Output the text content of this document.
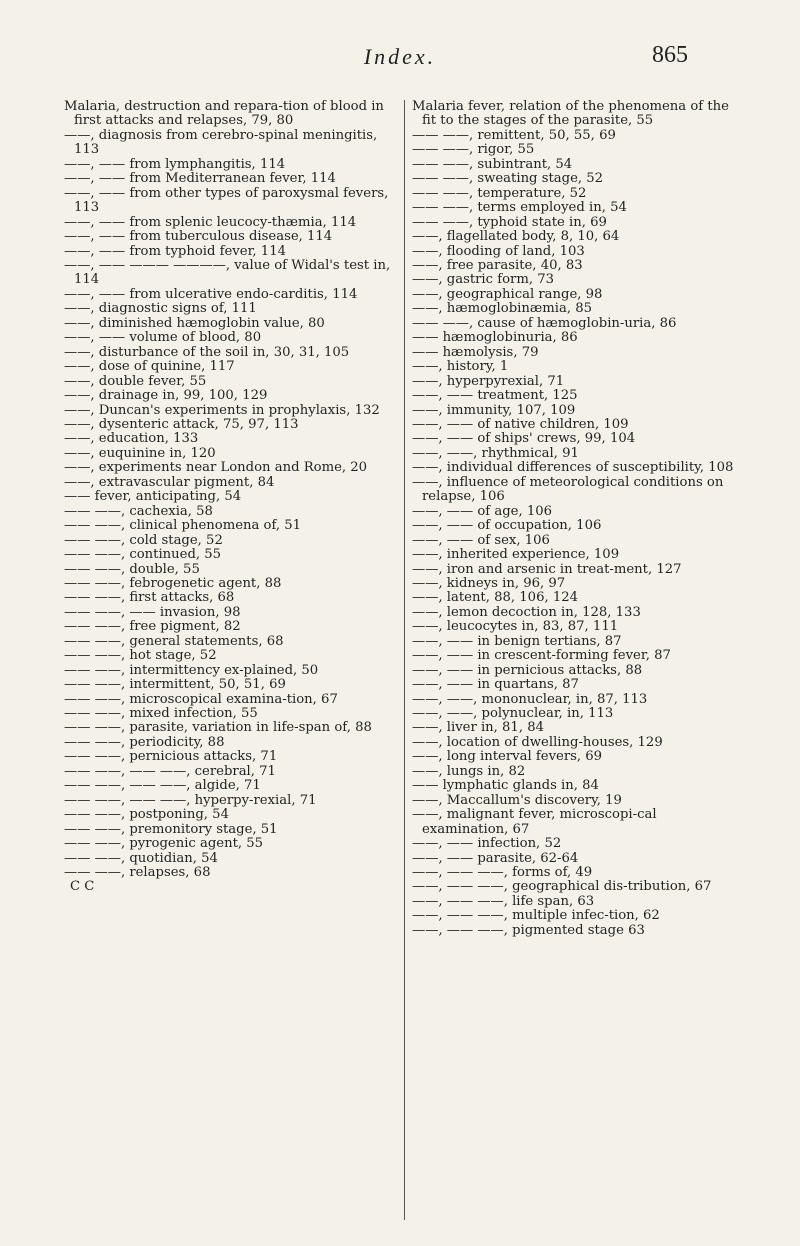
Index.	865

Malaria, destruction and repara-tion of blood in first attacks and relapses, 79, 80

——, diagnosis from cerebro-spinal meningitis, 113

——, —— from lymphangitis, 114

——, —— from Mediterranean fever, 114

——, —— from other types of paroxysmal fevers, 113

——, —— from splenic leucocy-thæmia, 114

——, —— from tuberculous disease, 114

——, —— from typhoid fever, 114

——, —— ——— ————, value of Widal's test in, 114

——, —— from ulcerative endo-carditis, 114

——, diagnostic signs of, 111

——, diminished hæmoglobin value, 80

——, —— volume of blood, 80

——, disturbance of the soil in, 30, 31, 105

——, dose of quinine, 117

——, double fever, 55

——, drainage in, 99, 100, 129

——, Duncan's experiments in prophylaxis, 132

——, dysenteric attack, 75, 97, 113

——, education, 133

——, euquinine in, 120

——, experiments near London and Rome, 20

——, extravascular pigment, 84

—— fever, anticipating, 54

—— ——, cachexia, 58

—— ——, clinical phenomena of, 51

—— ——, cold stage, 52

—— ——, continued, 55

—— ——, double, 55

—— ——, febrogenetic agent, 88

—— ——, first attacks, 68

—— ——, —— invasion, 98

—— ——, free pigment, 82

—— ——, general statements, 68

—— ——, hot stage, 52

—— ——, intermittency ex-plained, 50

—— ——, intermittent, 50, 51, 69

—— ——, microscopical examina-tion, 67

—— ——, mixed infection, 55

—— ——, parasite, variation in life-span of, 88

—— ——, periodicity, 88

—— ——, pernicious attacks, 71

—— ——, —— ——, cerebral, 71

—— ——, —— ——, algide, 71

—— ——, —— ——, hyperpy-rexial, 71

—— ——, postponing, 54

—— ——, premonitory stage, 51

—— ——, pyrogenic agent, 55

—— ——, quotidian, 54

—— ——, relapses, 68

C C

Malaria fever, relation of the phenomena of the fit to the stages of the parasite, 55

—— ——, remittent, 50, 55, 69

—— ——, rigor, 55

—— ——, subintrant, 54

—— ——, sweating stage, 52

—— ——, temperature, 52

—— ——, terms employed in, 54

—— ——, typhoid state in, 69

——, flagellated body, 8, 10, 64

——, flooding of land, 103

——, free parasite, 40, 83

——, gastric form, 73

——, geographical range, 98

——, hæmoglobinæmia, 85

—— ——, cause of hæmoglobin-uria, 86

—— hæmoglobinuria, 86

—— hæmolysis, 79

——, history, 1

——, hyperpyrexial, 71

——, —— treatment, 125

——, immunity, 107, 109

——, —— of native children, 109

——, —— of ships' crews, 99, 104

——, ——, rhythmical, 91

——, individual differences of susceptibility, 108

——, influence of meteorological conditions on relapse, 106

——, —— of age, 106

——, —— of occupation, 106

——, —— of sex, 106

——, inherited experience, 109

——, iron and arsenic in treat-ment, 127

——, kidneys in, 96, 97

——, latent, 88, 106, 124

——, lemon decoction in, 128, 133

——, leucocytes in, 83, 87, 111

——, —— in benign tertians, 87

——, —— in crescent-forming fever, 87

——, —— in pernicious attacks, 88

——, —— in quartans, 87

——, ——, mononuclear, in, 87, 113

——, ——, polynuclear, in, 113

——, liver in, 81, 84

——, location of dwelling-houses, 129

——, long interval fevers, 69

——, lungs in, 82

—— lymphatic glands in, 84

——, Maccallum's discovery, 19

——, malignant fever, microscopi-cal examination, 67

——, —— infection, 52

——, —— parasite, 62-64

——, —— ——, forms of, 49

——, —— ——, geographical dis-tribution, 67

——, —— ——, life span, 63

——, —— ——, multiple infec-tion, 62

——, —— ——, pigmented stage 63
